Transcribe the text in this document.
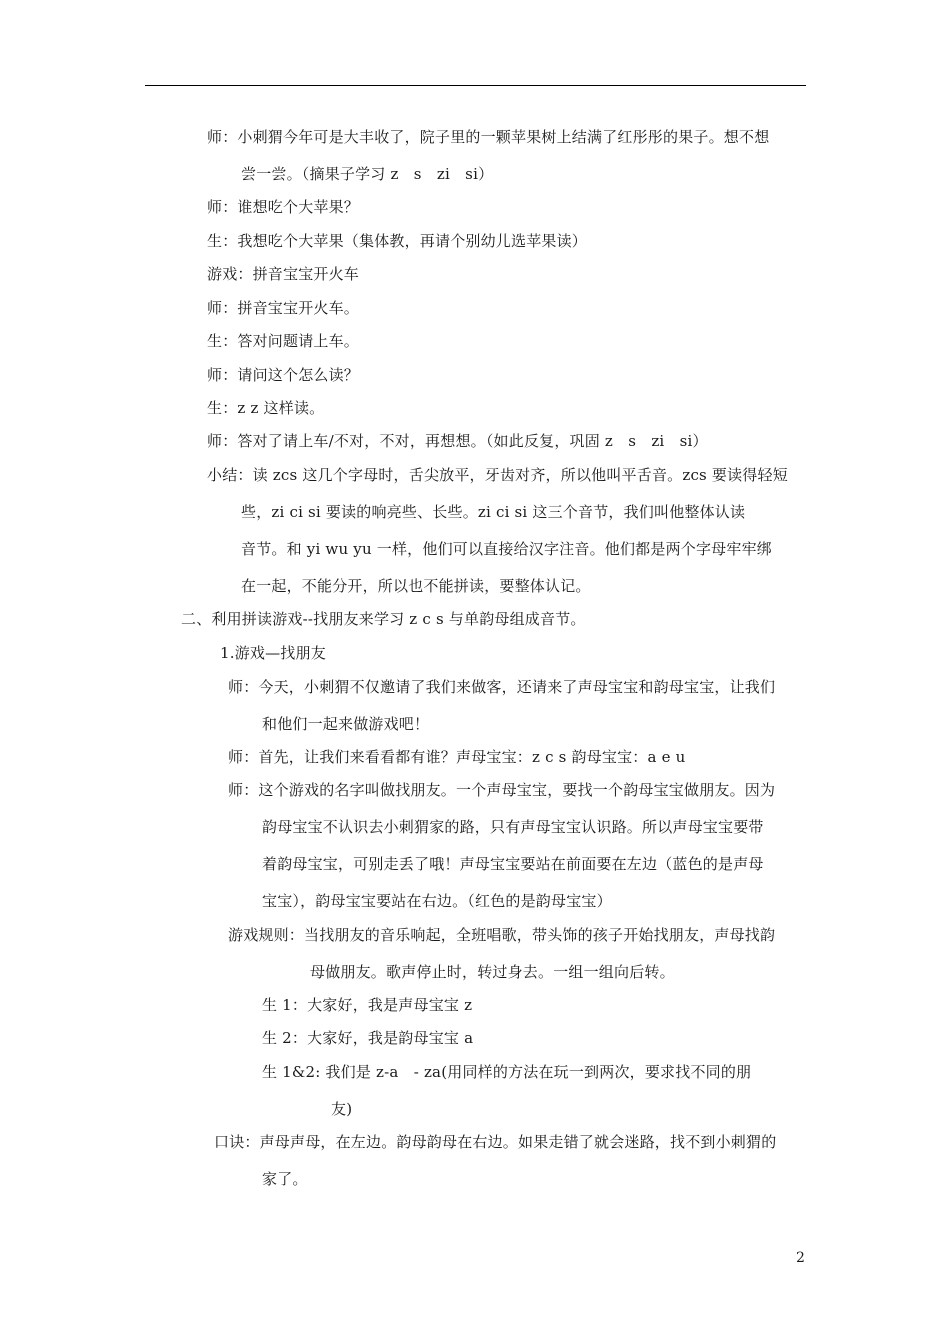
师：小刺猬今年可是大丰收了，院子里的一颗苹果树上结满了红彤彤的果子。想不想
尝一尝。（摘果子学习 z　s　zi　si）
师：谁想吃个大苹果？
生：我想吃个大苹果（集体教，再请个别幼儿选苹果读）
游戏：拼音宝宝开火车
师：拼音宝宝开火车。
生：答对问题请上车。
师：请问这个怎么读？
生：z z 这样读。
师：答对了请上车/不对，不对，再想想。（如此反复，巩固 z　s　zi　si）
小结：读 zcs 这几个字母时，舌尖放平，牙齿对齐，所以他叫平舌音。zcs 要读得轻短
些，zi ci si 要读的响亮些、长些。zi ci si 这三个音节，我们叫他整体认读
音节。和 yi wu yu 一样，他们可以直接给汉字注音。他们都是两个字母牢牢绑
在一起，不能分开，所以也不能拼读，要整体认记。
二、利用拼读游戏--找朋友来学习 z c s 与单韵母组成音节。
1.游戏—找朋友
师：今天，小刺猬不仅邀请了我们来做客，还请来了声母宝宝和韵母宝宝，让我们
和他们一起来做游戏吧！
师：首先，让我们来看看都有谁？声母宝宝：z c s 韵母宝宝：a e u
师：这个游戏的名字叫做找朋友。一个声母宝宝，要找一个韵母宝宝做朋友。因为
韵母宝宝不认识去小刺猬家的路，只有声母宝宝认识路。所以声母宝宝要带
着韵母宝宝，可别走丢了哦！声母宝宝要站在前面要在左边（蓝色的是声母
宝宝），韵母宝宝要站在右边。（红色的是韵母宝宝）
游戏规则：当找朋友的音乐响起，全班唱歌，带头饰的孩子开始找朋友，声母找韵
母做朋友。歌声停止时，转过身去。一组一组向后转。
生 1：大家好，我是声母宝宝 z
生 2：大家好，我是韵母宝宝 a
生 1&2: 我们是 z-a　- za(用同样的方法在玩一到两次，要求找不同的朋
友)
口诀：声母声母，在左边。韵母韵母在右边。如果走错了就会迷路，找不到小刺猬的
家了。
2
